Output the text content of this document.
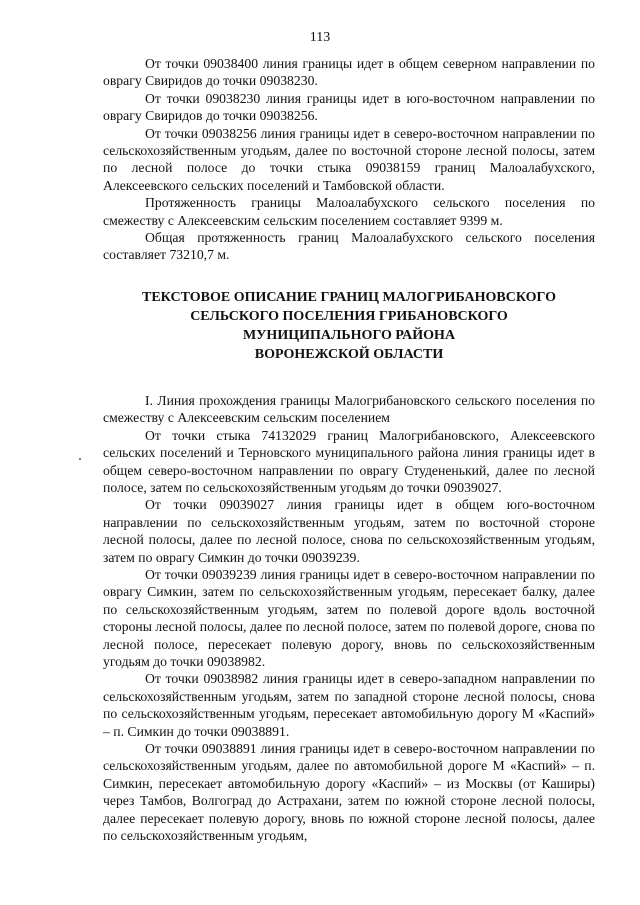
113

От точки 09038400 линия границы идет в общем северном направлении по оврагу Свиридов до точки 09038230.

От точки 09038230 линия границы идет в юго-восточном направлении по оврагу Свиридов до точки 09038256.

От точки 09038256 линия границы идет в северо-восточном направлении по сельскохозяйственным угодьям, далее по восточной стороне лесной полосы, затем по лесной полосе до точки стыка 09038159 границ Малоалабухского, Алексеевского сельских поселений и Тамбовской области.

Протяженность границы Малоалабухского сельского поселения по смежеству с Алексеевским сельским поселением составляет 9399 м.

Общая протяженность границ Малоалабухского сельского поселения составляет 73210,7 м.

ТЕКСТОВОЕ ОПИСАНИЕ ГРАНИЦ МАЛОГРИБАНОВСКОГО
СЕЛЬСКОГО ПОСЕЛЕНИЯ ГРИБАНОВСКОГО
МУНИЦИПАЛЬНОГО РАЙОНА
ВОРОНЕЖСКОЙ ОБЛАСТИ

I. Линия прохождения границы Малогрибановского сельского поселения по смежеству с Алексеевским сельским поселением

От точки стыка 74132029 границ Малогрибановского, Алексеевского сельских поселений и Терновского муниципального района линия границы идет в общем северо-восточном направлении по оврагу Студененький, далее по лесной полосе, затем по сельскохозяйственным угодьям до точки 09039027.

От точки 09039027 линия границы идет в общем юго-восточном направлении по сельскохозяйственным угодьям, затем по восточной стороне лесной полосы, далее по лесной полосе, снова по сельскохозяйственным угодьям, затем по оврагу Симкин до точки 09039239.

От точки 09039239 линия границы идет в северо-восточном направлении по оврагу Симкин, затем по сельскохозяйственным угодьям, пересекает балку, далее по сельскохозяйственным угодьям, затем по полевой дороге вдоль восточной стороны лесной полосы, далее по лесной полосе, затем по полевой дороге, снова по лесной полосе, пересекает полевую дорогу, вновь по сельскохозяйственным угодьям до точки 09038982.

От точки 09038982 линия границы идет в северо-западном направлении по сельскохозяйственным угодьям, затем по западной стороне лесной полосы, снова по сельскохозяйственным угодьям, пересекает автомобильную дорогу М «Каспий» – п. Симкин до точки 09038891.

От точки 09038891 линия границы идет в северо-восточном направлении по сельскохозяйственным угодьям, далее по автомобильной дороге М «Каспий» – п. Симкин, пересекает автомобильную дорогу «Каспий» – из Москвы (от Каширы) через Тамбов, Волгоград до Астрахани, затем по южной стороне лесной полосы, далее пересекает полевую дорогу, вновь по южной стороне лесной полосы, далее по сельскохозяйственным угодьям,
